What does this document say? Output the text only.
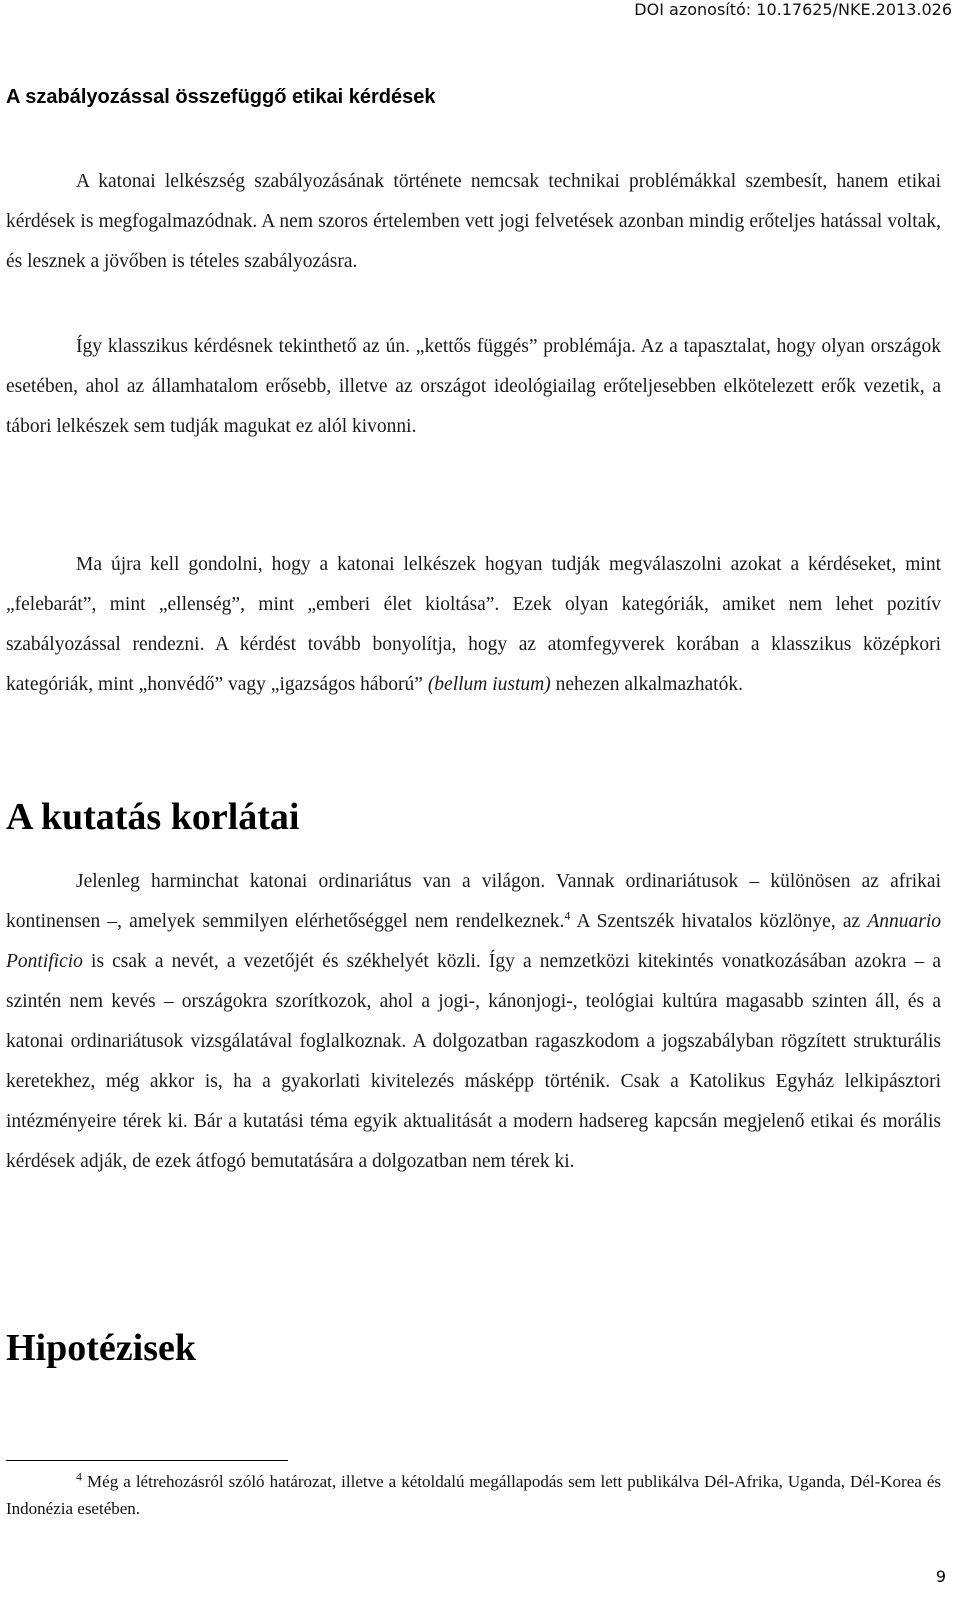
DOI azonosító: 10.17625/NKE.2013.026
A szabályozással összefüggő etikai kérdések

A katonai lelkészség szabályozásának története nemcsak technikai problémákkal szembesít, hanem etikai kérdések is megfogalmazódnak. A nem szoros értelemben vett jogi felvetések azonban mindig erőteljes hatással voltak, és lesznek a jövőben is tételes szabályozásra.

Így klasszikus kérdésnek tekinthető az ún. „kettős függés” problémája. Az a tapasztalat, hogy olyan országok esetében, ahol az államhatalom erősebb, illetve az országot ideológiailag erőteljesebben elkötelezett erők vezetik, a tábori lelkészek sem tudják magukat ez alól kivonni.

Ma újra kell gondolni, hogy a katonai lelkészek hogyan tudják megválaszolni azokat a kérdéseket, mint „felebarát”, mint „ellenség”, mint „emberi élet kioltása”. Ezek olyan kategóriák, amiket nem lehet pozitív szabályozással rendezni. A kérdést tovább bonyolítja, hogy az atomfegyverek korában a klasszikus középkori kategóriák, mint „honvédő” vagy „igazságos háború” (bellum iustum) nehezen alkalmazhatók.

A kutatás korlátai

Jelenleg harminchat katonai ordinariátus van a világon. Vannak ordinariátusok – különösen az afrikai kontinensen –, amelyek semmilyen elérhetőséggel nem rendelkeznek.$^4$ A Szentszék hivatalos közlönye, az Annuario Pontificio is csak a nevét, a vezetőjét és székhelyét közli. Így a nemzetközi kitekintés vonatkozásában azokra – a szintén nem kevés – országokra szorítkozok, ahol a jogi-, kánonjogi-, teológiai kultúra magasabb szinten áll, és a katonai ordinariátusok vizsgálatával foglalkoznak. A dolgozatban ragaszkodom a jogszabályban rögzített strukturális keretekhez, még akkor is, ha a gyakorlati kivitelezés másképp történik. Csak a Katolikus Egyház lelkipásztori intézményeire térek ki. Bár a kutatási téma egyik aktualitását a modern hadsereg kapcsán megjelenő etikai és morális kérdések adják, de ezek átfogó bemutatására a dolgozatban nem térek ki.

Hipotézisek

$^4$ Még a létrehozásról szóló határozat, illetve a kétoldalú megállapodás sem lett publikálva Dél-Afrika, Uganda, Dél-Korea és Indonézia esetében.

9
